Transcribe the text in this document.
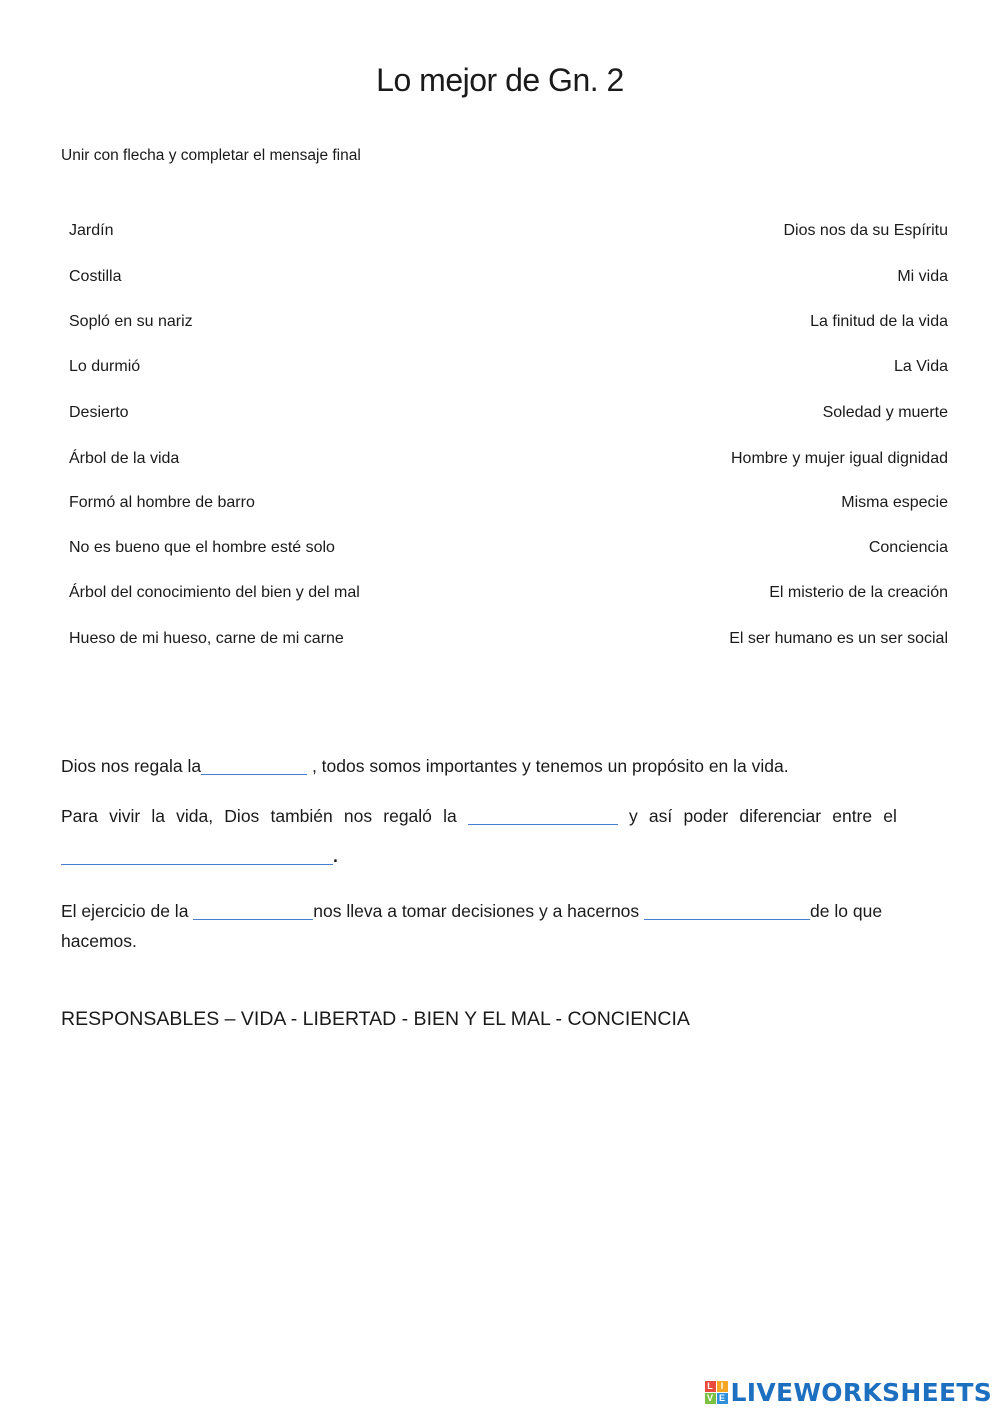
Lo mejor de Gn. 2
Unir con flecha y completar el mensaje final
Jardín	Dios nos da su Espíritu
Costilla	Mi vida
Sopló en su nariz	La finitud de la vida
Lo durmió	La Vida
Desierto	Soledad y muerte
Árbol de la vida	Hombre y mujer igual dignidad
Formó al hombre de barro	Misma especie
No es bueno que el hombre esté solo	Conciencia
Árbol del conocimiento del bien y del mal	El misterio de la creación
Hueso de mi hueso, carne de mi carne	El ser humano es un ser social
Dios nos regala la	, todos somos importantes y tenemos un propósito en la vida.
Para vivir la vida, Dios también nos regaló la	y así poder diferenciar entre el
.
El ejercicio de la	nos lleva a tomar decisiones y a hacernos	de lo que
hacemos.
RESPONSABLES – VIDA - LIBERTAD - BIEN Y EL MAL - CONCIENCIA
L I
V E LIVEWORKSHEETS
